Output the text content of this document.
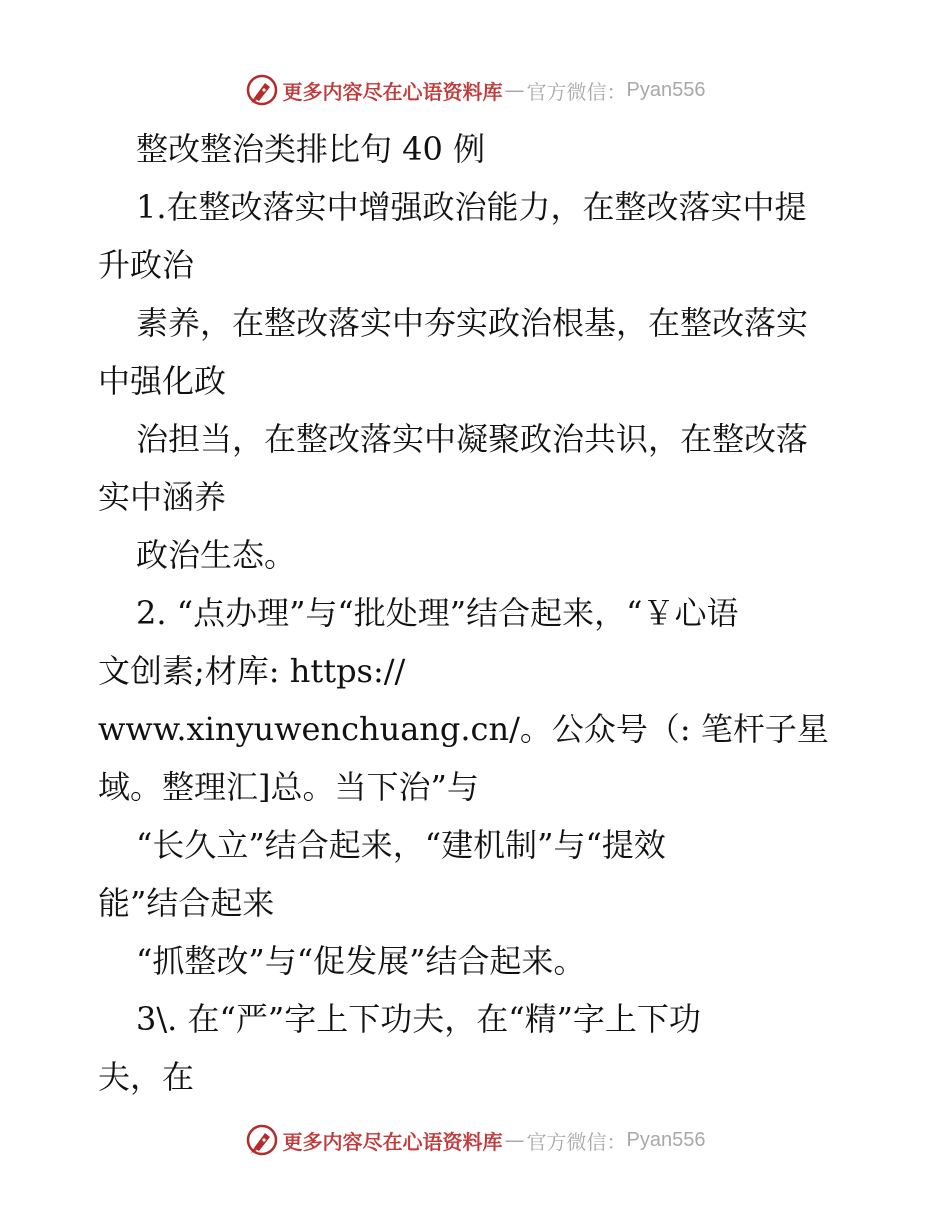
更多内容尽在心语资料库 — 官方微信： Pyan556
整改整治类排比句 40 例
1.在整改落实中增强政治能力，在整改落实中提
升政治
素养，在整改落实中夯实政治根基，在整改落实
中强化政
治担当，在整改落实中凝聚政治共识，在整改落
实中涵养
政治生态。
2. “点办理”与“批处理”结合起来，“￥心语
文创素;材库: https://
www.xinyuwenchuang.cn/。公众号（: 笔杆子星
域。整理汇]总。当下治”与
“长久立”结合起来，“建机制”与“提效
能”结合起来
“抓整改”与“促发展”结合起来。
3\. 在“严”字上下功夫，在“精”字上下功
夫，在
更多内容尽在心语资料库 — 官方微信： Pyan556
